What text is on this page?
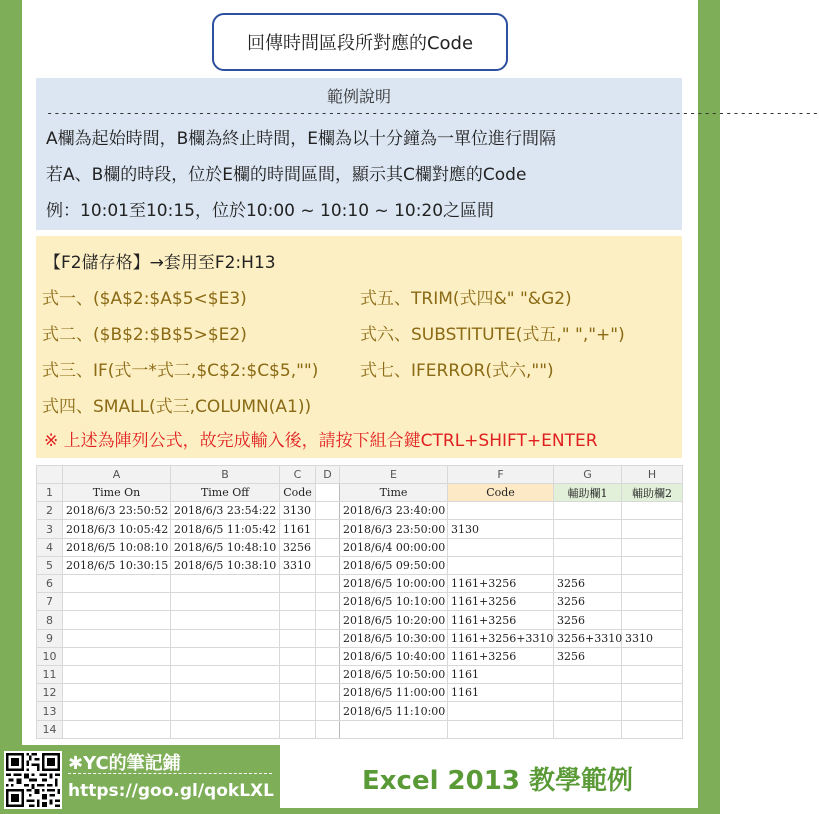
回傳時間區段所對應的Code
範例說明
-----------------------------------------------------------------------------------------------------------
A欄為起始時間，B欄為終止時間，E欄為以十分鐘為一單位進行間隔
若A、B欄的時段，位於E欄的時間區間，顯示其C欄對應的Code
例：10:01至10:15，位於10:00 ~ 10:10 ~ 10:20之區間
【F2儲存格】→套用至F2:H13
式一、($A$2:$A$5<$E3)
式二、($B$2:$B$5>$E2)
式三、IF(式一*式二,$C$2:$C$5,"")
式四、SMALL(式三,COLUMN(A1))
式五、TRIM(式四&" "&G2)
式六、SUBSTITUTE(式五," ","+")
式七、IFERROR(式六,"")
※ 上述為陣列公式，故完成輸入後，請按下組合鍵CTRL+SHIFT+ENTER
	A	B	C	D	E	F	G	H
1	Time On	Time Off	Code		Time	Code	輔助欄1	輔助欄2
2	2018/6/3 23:50:52	2018/6/3 23:54:22	3130		2018/6/3 23:40:00			
3	2018/6/3 10:05:42	2018/6/5 11:05:42	1161		2018/6/3 23:50:00	3130		
4	2018/6/5 10:08:10	2018/6/5 10:48:10	3256		2018/6/4 00:00:00			
5	2018/6/5 10:30:15	2018/6/5 10:38:10	3310		2018/6/5 09:50:00			
6					2018/6/5 10:00:00	1161+3256	3256	
7					2018/6/5 10:10:00	1161+3256	3256	
8					2018/6/5 10:20:00	1161+3256	3256	
9					2018/6/5 10:30:00	1161+3256+3310	3256+3310	3310
10					2018/6/5 10:40:00	1161+3256	3256	
11					2018/6/5 10:50:00	1161		
12					2018/6/5 11:00:00	1161		
13					2018/6/5 11:10:00			
14								
✱YC的筆記鋪
https://goo.gl/qokLXL	Excel 2013 教學範例
